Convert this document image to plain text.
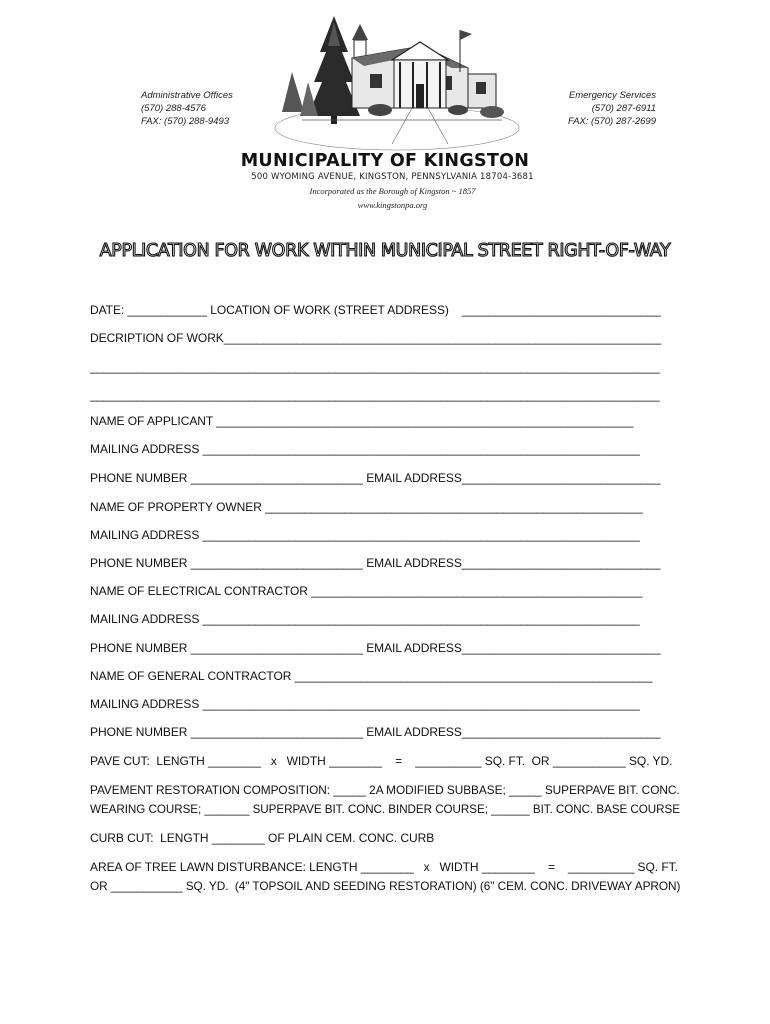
Administrative Offices
(570) 288-4576
FAX: (570) 288-9493
Emergency Services
(570) 287-6911
FAX: (570) 287-2699
MUNICIPALITY OF KINGSTON
500 WYOMING AVENUE, KINGSTON, PENNSYLVANIA 18704-3681
Incorporated as the Borough of Kingston ~ 1857
www.kingstonpa.org
APPLICATION FOR WORK WITHIN MUNICIPAL STREET RIGHT-OF-WAY
DATE: ____________ LOCATION OF WORK (STREET ADDRESS)    ______________________________
DECRIPTION OF WORK__________________________________________________________________
______________________________________________________________________________________
______________________________________________________________________________________
NAME OF APPLICANT _______________________________________________________________
MAILING ADDRESS __________________________________________________________________
PHONE NUMBER __________________________ EMAIL ADDRESS______________________________
NAME OF PROPERTY OWNER _________________________________________________________
MAILING ADDRESS __________________________________________________________________
PHONE NUMBER __________________________ EMAIL ADDRESS______________________________
NAME OF ELECTRICAL CONTRACTOR __________________________________________________
MAILING ADDRESS __________________________________________________________________
PHONE NUMBER __________________________ EMAIL ADDRESS______________________________
NAME OF GENERAL CONTRACTOR ______________________________________________________
MAILING ADDRESS __________________________________________________________________
PHONE NUMBER __________________________ EMAIL ADDRESS______________________________
PAVE CUT:  LENGTH ________   x   WIDTH ________    =    __________ SQ. FT.  OR ___________ SQ. YD.
PAVEMENT RESTORATION COMPOSITION: _____ 2A MODIFIED SUBBASE; _____ SUPERPAVE BIT. CONC.
WEARING COURSE; _______ SUPERPAVE BIT. CONC. BINDER COURSE; ______ BIT. CONC. BASE COURSE
CURB CUT:  LENGTH ________ OF PLAIN CEM. CONC. CURB
AREA OF TREE LAWN DISTURBANCE: LENGTH ________   x   WIDTH ________    =    __________ SQ. FT.
OR ___________ SQ. YD.  (4" TOPSOIL AND SEEDING RESTORATION) (6" CEM. CONC. DRIVEWAY APRON)
